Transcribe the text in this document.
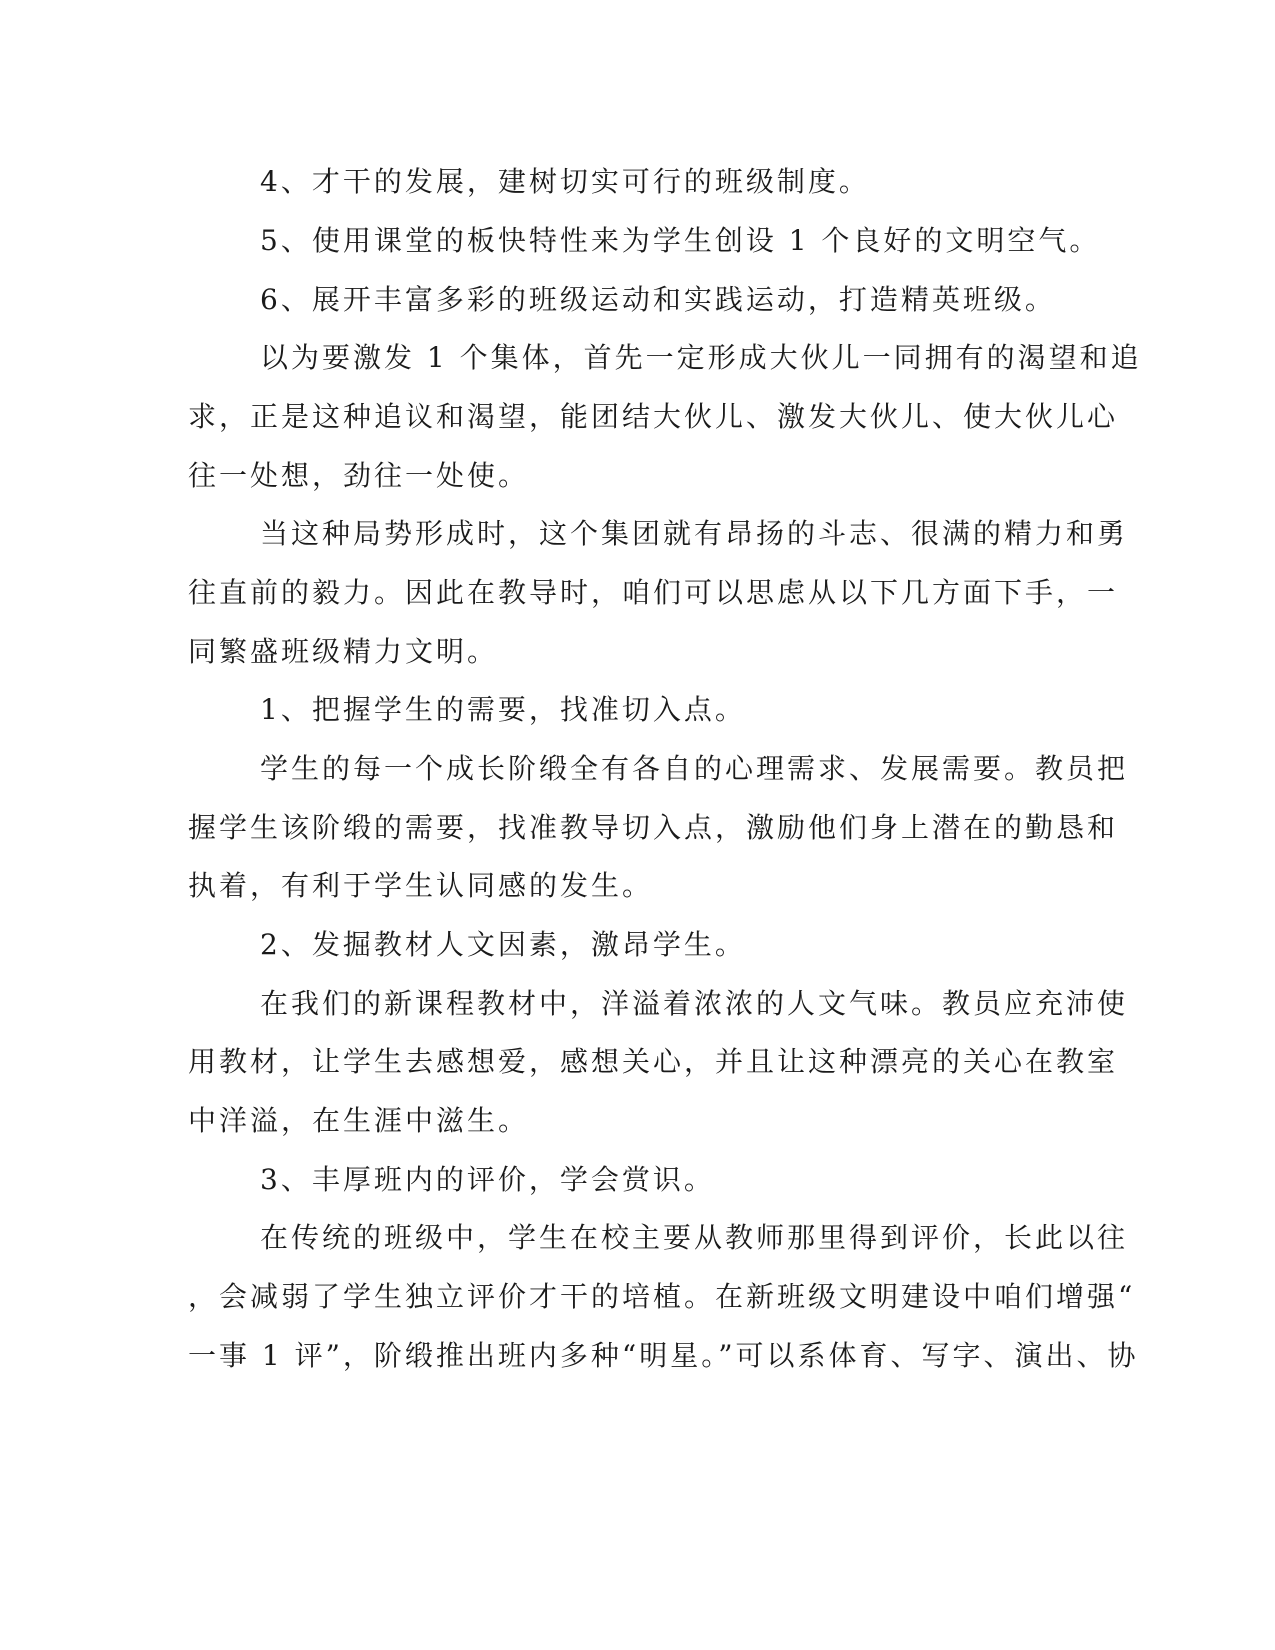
4、才干的发展，建树切实可行的班级制度。
5、使用课堂的板快特性来为学生创设 1 个良好的文明空气。
6、展开丰富多彩的班级运动和实践运动，打造精英班级。
以为要激发 1 个集体，首先一定形成大伙儿一同拥有的渴望和追
求，正是这种追议和渴望，能团结大伙儿、激发大伙儿、使大伙儿心
往一处想，劲往一处使。
当这种局势形成时，这个集团就有昂扬的斗志、很满的精力和勇
往直前的毅力。因此在教导时，咱们可以思虑从以下几方面下手，一
同繁盛班级精力文明。
1、把握学生的需要，找准切入点。
学生的每一个成长阶缎全有各自的心理需求、发展需要。教员把
握学生该阶缎的需要，找准教导切入点，激励他们身上潜在的勤恳和
执着，有利于学生认同感的发生。
2、发掘教材人文因素，激昂学生。
在我们的新课程教材中，洋溢着浓浓的人文气味。教员应充沛使
用教材，让学生去感想爱，感想关心，并且让这种漂亮的关心在教室
中洋溢，在生涯中滋生。
3、丰厚班内的评价，学会赏识。
在传统的班级中，学生在校主要从教师那里得到评价，长此以往
，会减弱了学生独立评价才干的培植。在新班级文明建设中咱们增强“
一事 1 评”，阶缎推出班内多种“明星。”可以系体育、写字、演出、协
